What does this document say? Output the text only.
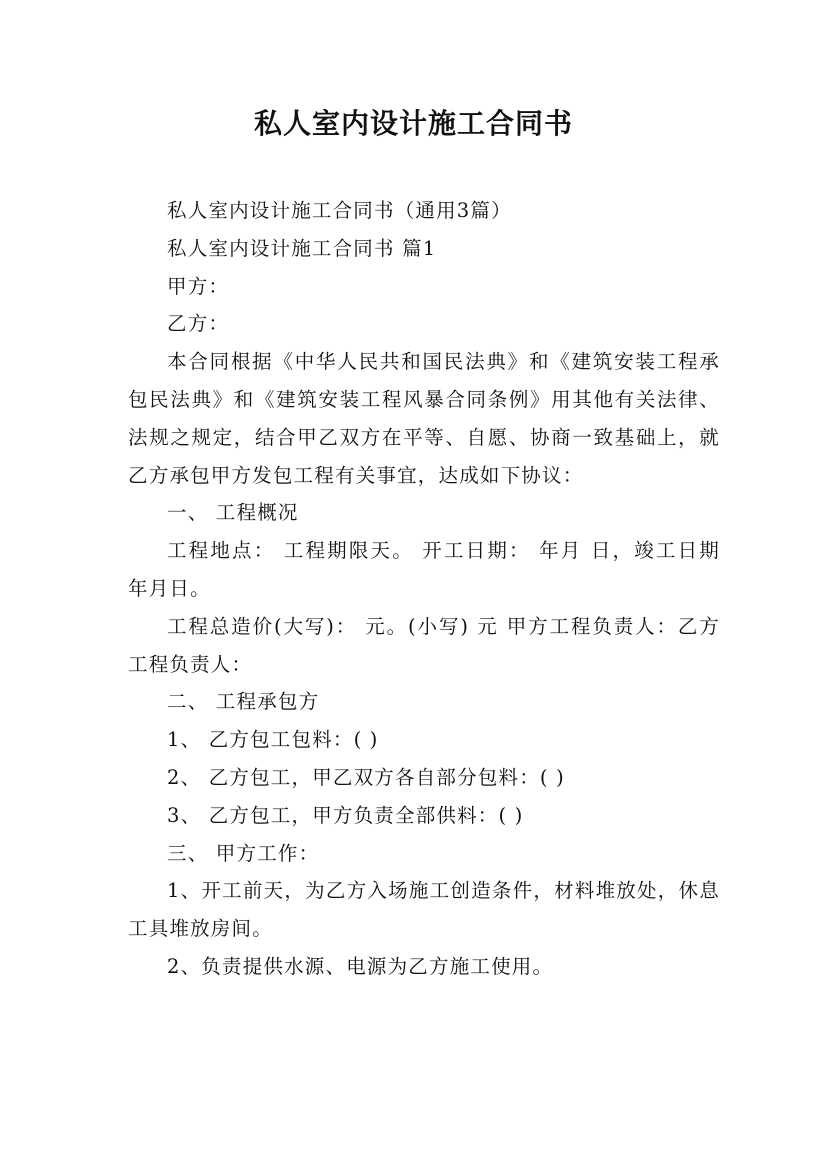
私人室内设计施工合同书

私人室内设计施工合同书（通用3篇）

私人室内设计施工合同书 篇1

甲方：

乙方：

本合同根据《中华人民共和国民法典》和《建筑安装工程承包民法典》和《建筑安装工程风暴合同条例》用其他有关法律、法规之规定，结合甲乙双方在平等、自愿、协商一致基础上，就乙方承包甲方发包工程有关事宜，达成如下协议：

一、 工程概况

工程地点： 工程期限天。 开工日期： 年月 日，竣工日期 年月日。

工程总造价(大写)： 元。(小写) 元 甲方工程负责人：乙方工程负责人：

二、 工程承包方

1、 乙方包工包料：( )

2、 乙方包工，甲乙双方各自部分包料：( )

3、 乙方包工，甲方负责全部供料：( )

三、 甲方工作：

1、开工前天，为乙方入场施工创造条件，材料堆放处，休息工具堆放房间。

2、负责提供水源、电源为乙方施工使用。
